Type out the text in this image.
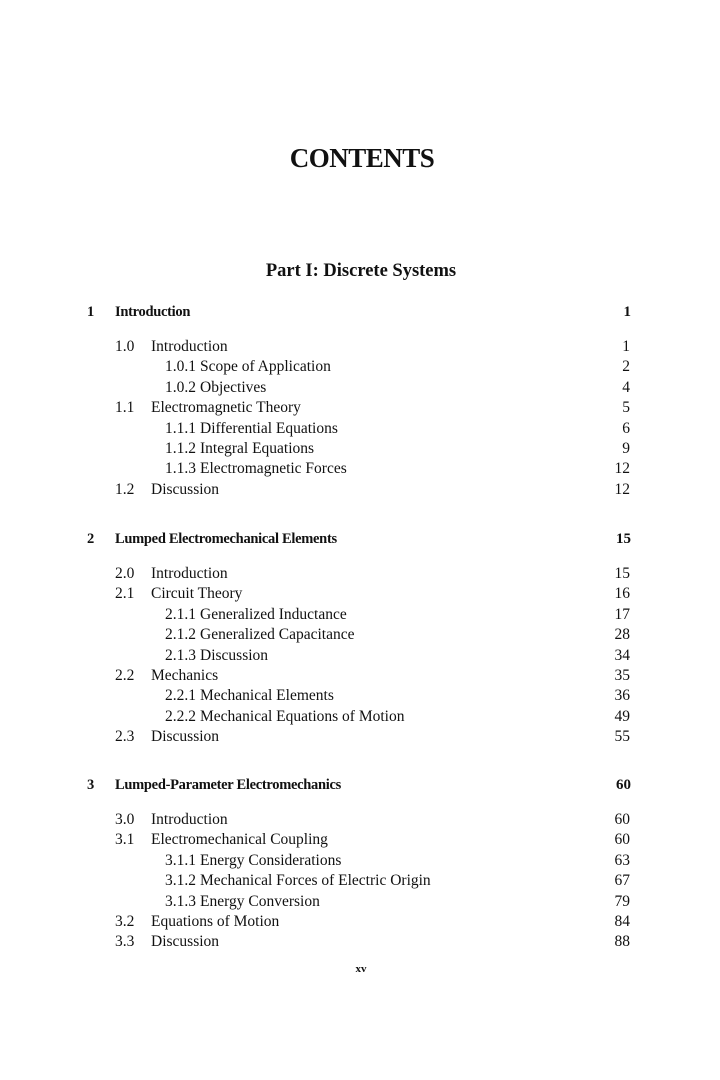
CONTENTS
Part I: Discrete Systems
1 Introduction	1
1.0 Introduction	1
1.0.1 Scope of Application	2
1.0.2 Objectives	4
1.1 Electromagnetic Theory	5
1.1.1 Differential Equations	6
1.1.2 Integral Equations	9
1.1.3 Electromagnetic Forces	12
1.2 Discussion	12
2 Lumped Electromechanical Elements	15
2.0 Introduction	15
2.1 Circuit Theory	16
2.1.1 Generalized Inductance	17
2.1.2 Generalized Capacitance	28
2.1.3 Discussion	34
2.2 Mechanics	35
2.2.1 Mechanical Elements	36
2.2.2 Mechanical Equations of Motion	49
2.3 Discussion	55
3 Lumped-Parameter Electromechanics	60
3.0 Introduction	60
3.1 Electromechanical Coupling	60
3.1.1 Energy Considerations	63
3.1.2 Mechanical Forces of Electric Origin	67
3.1.3 Energy Conversion	79
3.2 Equations of Motion	84
3.3 Discussion	88
xv
